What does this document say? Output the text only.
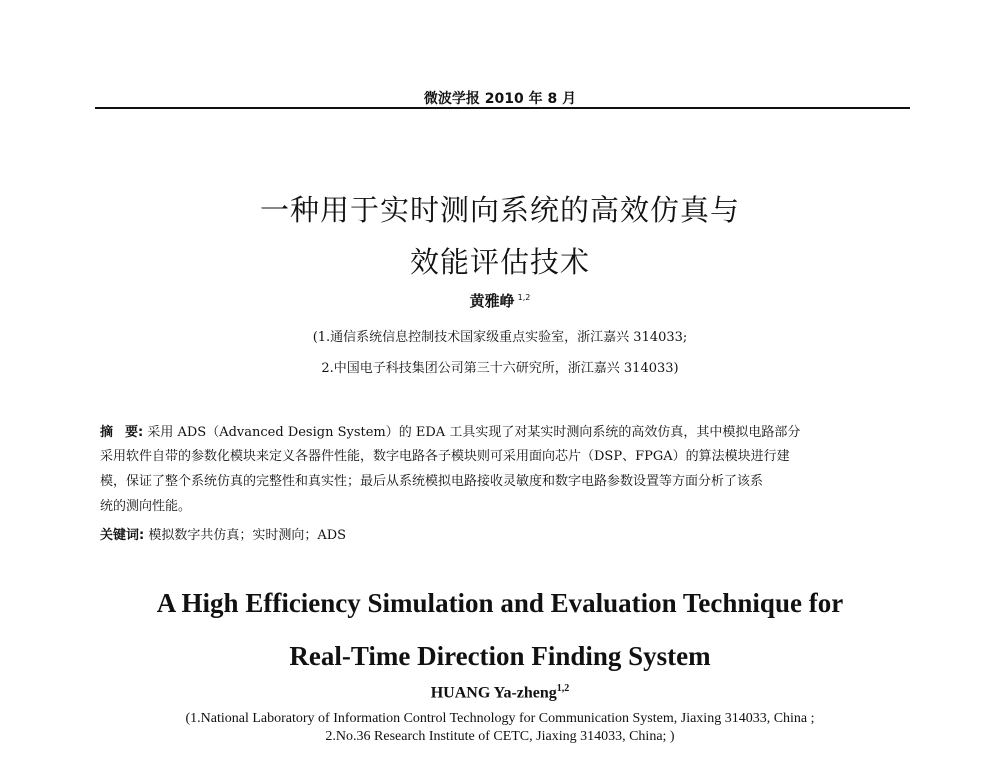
微波学报 2010 年 8 月
一种用于实时测向系统的高效仿真与
效能评估技术
黄雅峥 $^{1,2}$
(1.通信系统信息控制技术国家级重点实验室，浙江嘉兴 314033;
2.中国电子科技集团公司第三十六研究所，浙江嘉兴 314033)
摘 要: 采用 ADS（Advanced Design System）的 EDA 工具实现了对某实时测向系统的高效仿真，其中模拟电路部分
采用软件自带的参数化模块来定义各器件性能，数字电路各子模块则可采用面向芯片（DSP、FPGA）的算法模块进行建
模，保证了整个系统仿真的完整性和真实性；最后从系统模拟电路接收灵敏度和数字电路参数设置等方面分析了该系
统的测向性能。
关键词: 模拟数字共仿真；实时测向；ADS
A High Efficiency Simulation and Evaluation Technique for
Real-Time Direction Finding System
HUANG Ya-zheng$^{1,2}$
(1.National Laboratory of Information Control Technology for Communication System, Jiaxing 314033, China ;
2.No.36 Research Institute of CETC, Jiaxing 314033, China; )
